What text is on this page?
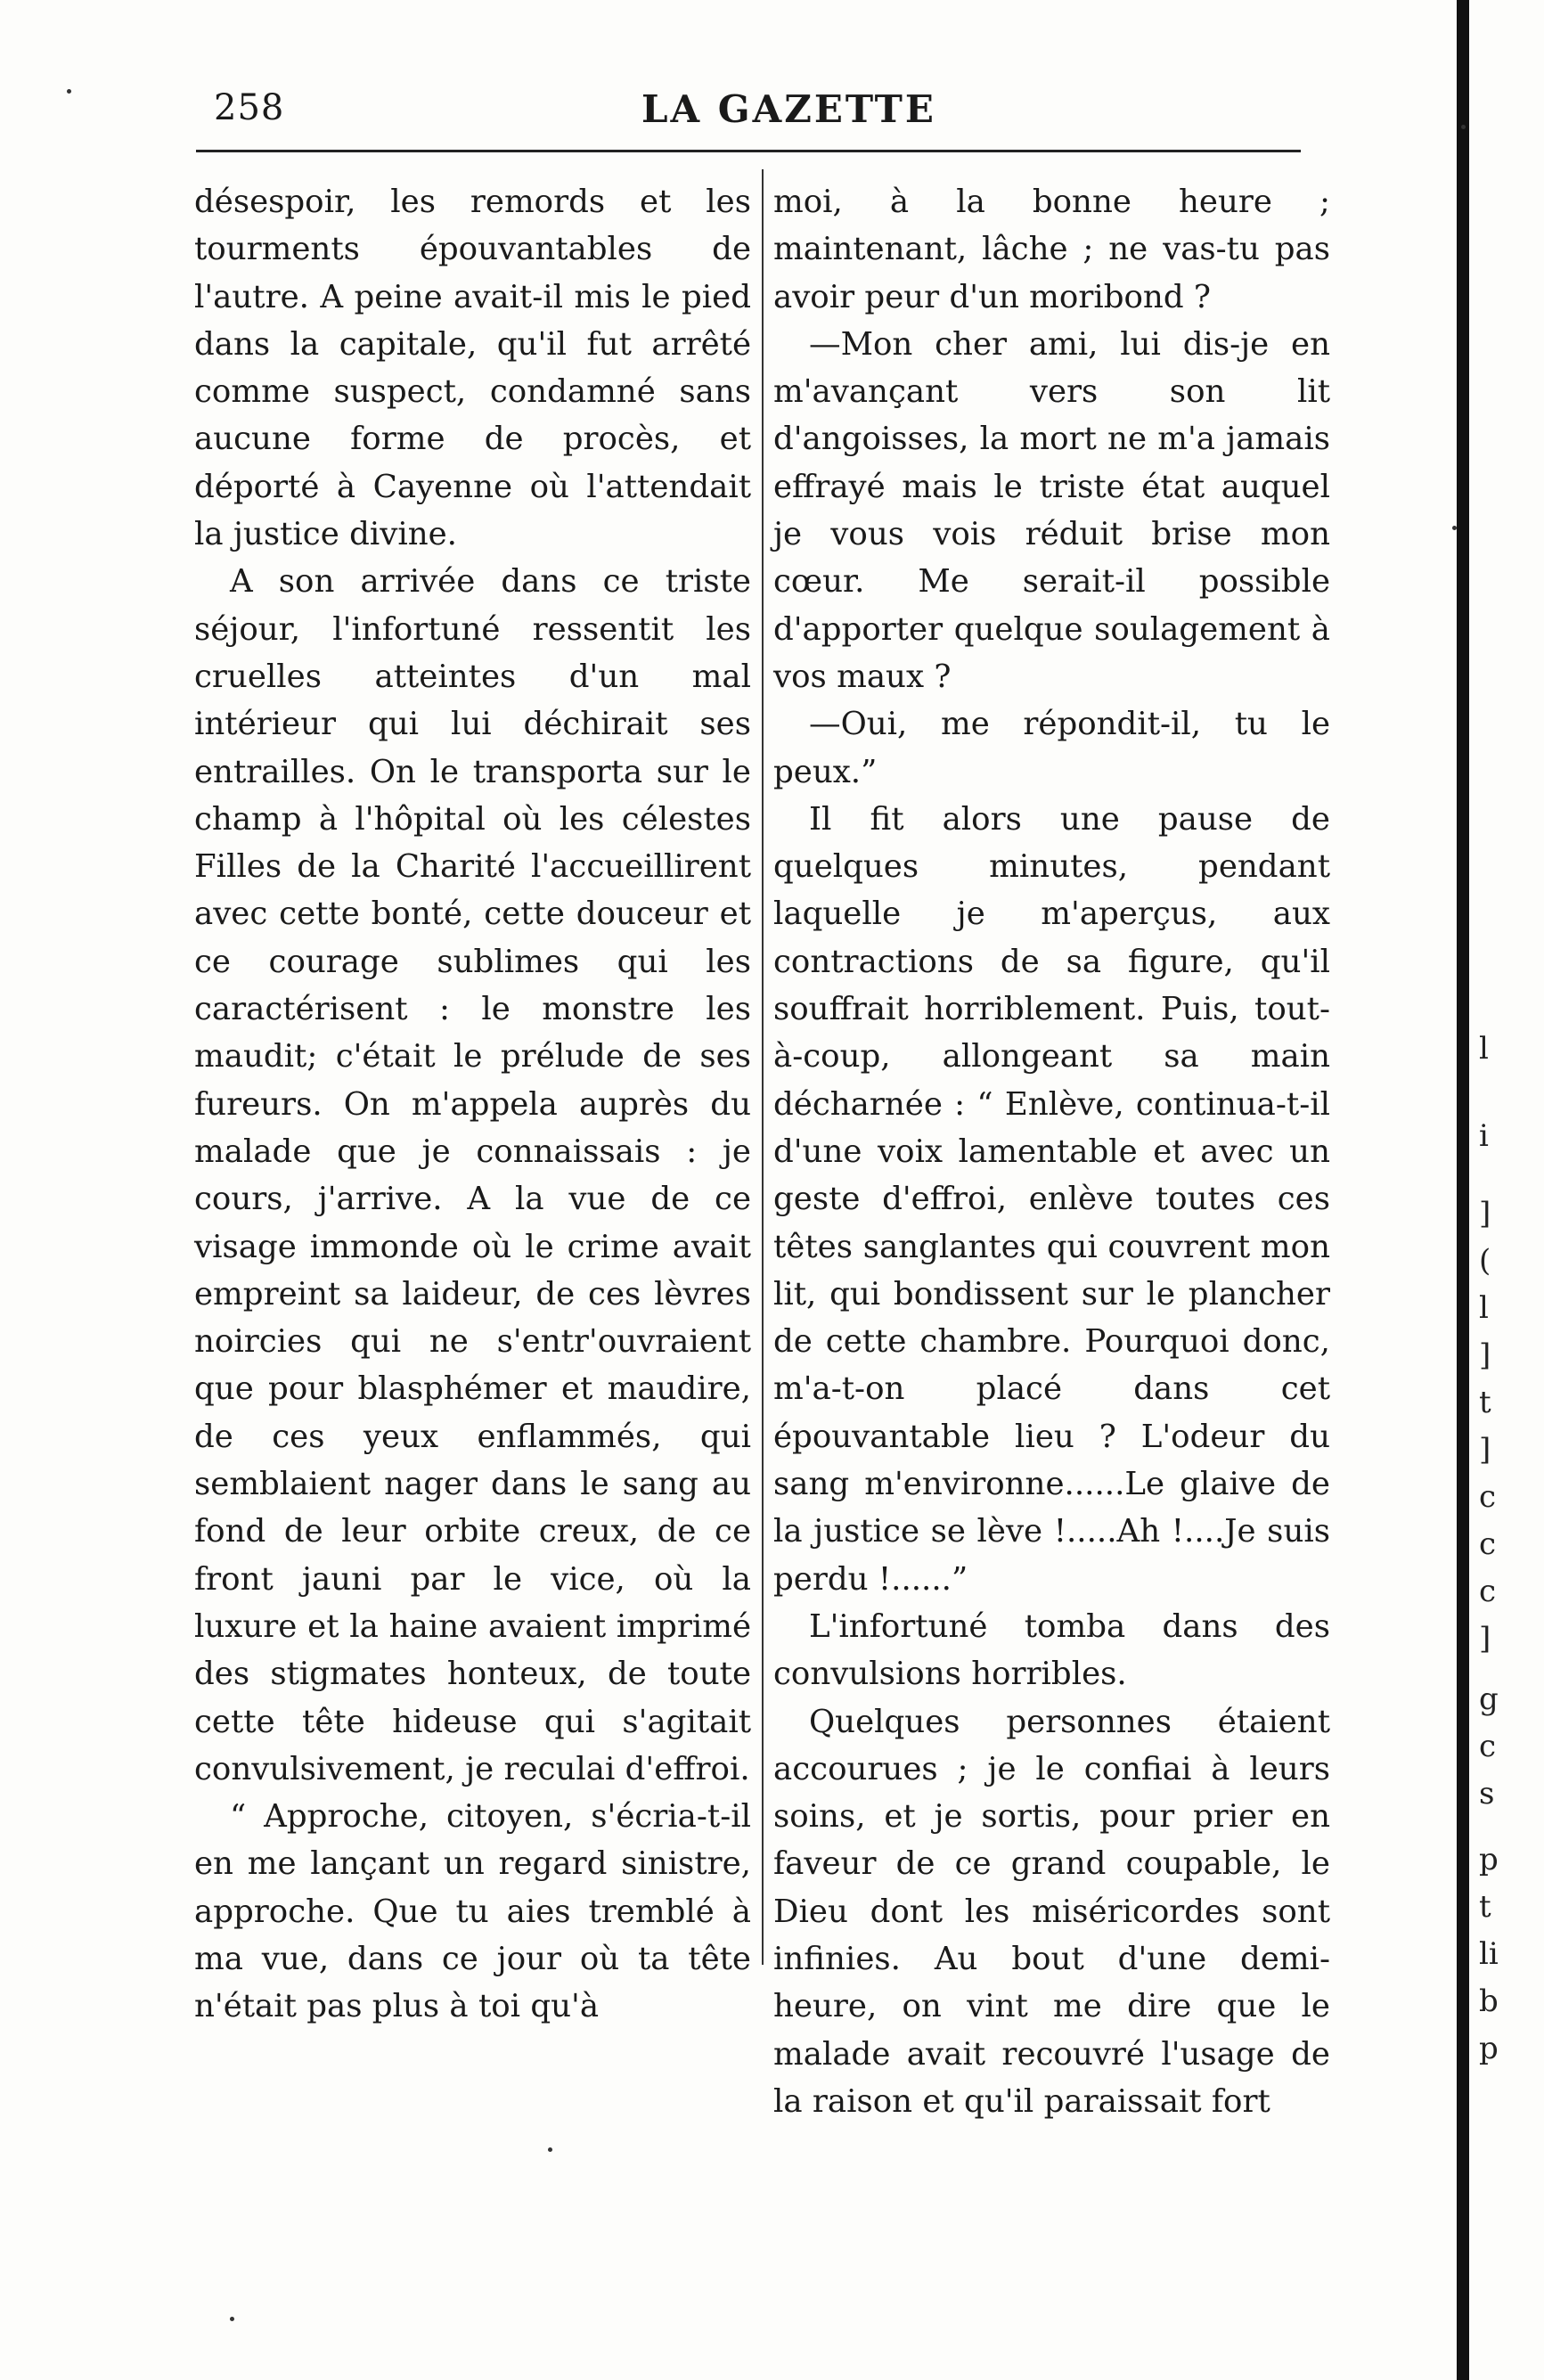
258	LA GAZETTE

désespoir, les remords et les tourments épouvantables de l'autre. A peine avait-il mis le pied dans la capitale, qu'il fut arrêté comme suspect, condamné sans aucune forme de procès, et déporté à Cayenne où l'attendait la justice divine.

A son arrivée dans ce triste séjour, l'infortuné ressentit les cruelles atteintes d'un mal intérieur qui lui déchirait ses entrailles. On le transporta sur le champ à l'hôpital où les célestes Filles de la Charité l'accueillirent avec cette bonté, cette douceur et ce courage sublimes qui les caractérisent : le monstre les maudit; c'était le prélude de ses fureurs. On m'appela auprès du malade que je connaissais : je cours, j'arrive. A la vue de ce visage immonde où le crime avait empreint sa laideur, de ces lèvres noircies qui ne s'entr'ouvraient que pour blasphémer et maudire, de ces yeux enflammés, qui semblaient nager dans le sang au fond de leur orbite creux, de ce front jauni par le vice, où la luxure et la haine avaient imprimé des stigmates honteux, de toute cette tête hideuse qui s'agitait convulsivement, je reculai d'effroi.

“ Approche, citoyen, s'écria-t-il en me lançant un regard sinistre, approche. Que tu aies tremblé à ma vue, dans ce jour où ta tête n'était pas plus à toi qu'à

moi, à la bonne heure ; maintenant, lâche ; ne vas-tu pas avoir peur d'un moribond ?

—Mon cher ami, lui dis-je en m'avançant vers son lit d'angoisses, la mort ne m'a jamais effrayé mais le triste état auquel je vous vois réduit brise mon cœur. Me serait-il possible d'apporter quelque soulagement à vos maux ?

—Oui, me répondit-il, tu le peux.”

Il fit alors une pause de quelques minutes, pendant laquelle je m'aperçus, aux contractions de sa figure, qu'il souffrait horriblement. Puis, tout-à-coup, allongeant sa main décharnée : “ Enlève, continua-t-il d'une voix lamentable et avec un geste d'effroi, enlève toutes ces têtes sanglantes qui couvrent mon lit, qui bondissent sur le plancher de cette chambre. Pourquoi donc, m'a-t-on placé dans cet épouvantable lieu ? L'odeur du sang m'environne......Le glaive de la justice se lève !.....Ah !....Je suis perdu !......”

L'infortuné tomba dans des convulsions horribles.

Quelques personnes étaient accourues ; je le confiai à leurs soins, et je sortis, pour prier en faveur de ce grand coupable, le Dieu dont les miséricordes sont infinies. Au bout d'une demi-heure, on vint me dire que le malade avait recouvré l'usage de la raison et qu'il paraissait fort

l
i
]
(
l
]
t
]
c
c
c
]
g
c
s
p
t
li
b
p
